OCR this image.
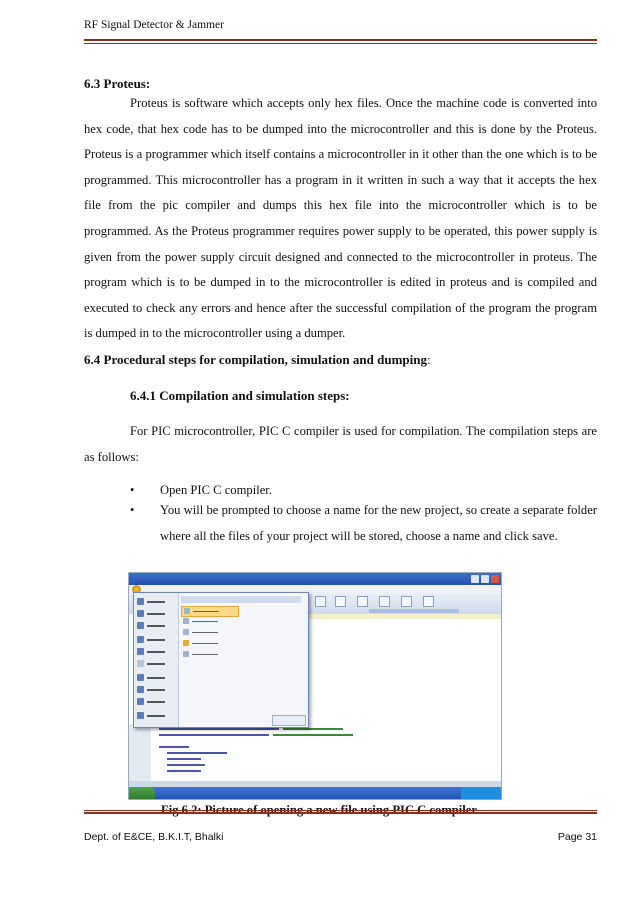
RF Signal Detector & Jammer
6.3 Proteus:

Proteus is software which accepts only hex files. Once the machine code is converted into hex code, that hex code has to be dumped into the microcontroller and this is done by the Proteus. Proteus is a programmer which itself contains a microcontroller in it other than the one which is to be programmed. This microcontroller has a program in it written in such a way that it accepts the hex file from the pic compiler and dumps this hex file into the microcontroller which is to be programmed. As the Proteus programmer requires power supply to be operated, this power supply is given from the power supply circuit designed and connected to the microcontroller in proteus. The program which is to be dumped in to the microcontroller is edited in proteus and is compiled and executed to check any errors and hence after the successful compilation of the program the program is dumped in to the microcontroller using a dumper.

6.4 Procedural steps for compilation, simulation and dumping:
6.4.1 Compilation and simulation steps:

For PIC microcontroller, PIC C compiler is used for compilation. The compilation steps are as follows:

• Open PIC C compiler.
• You will be prompted to choose a name for the new project, so create a separate folder where all the files of your project will be stored, choose a name and click save.
Dept. of E&CE, B.K.I.T, Bhalki	Page 31
